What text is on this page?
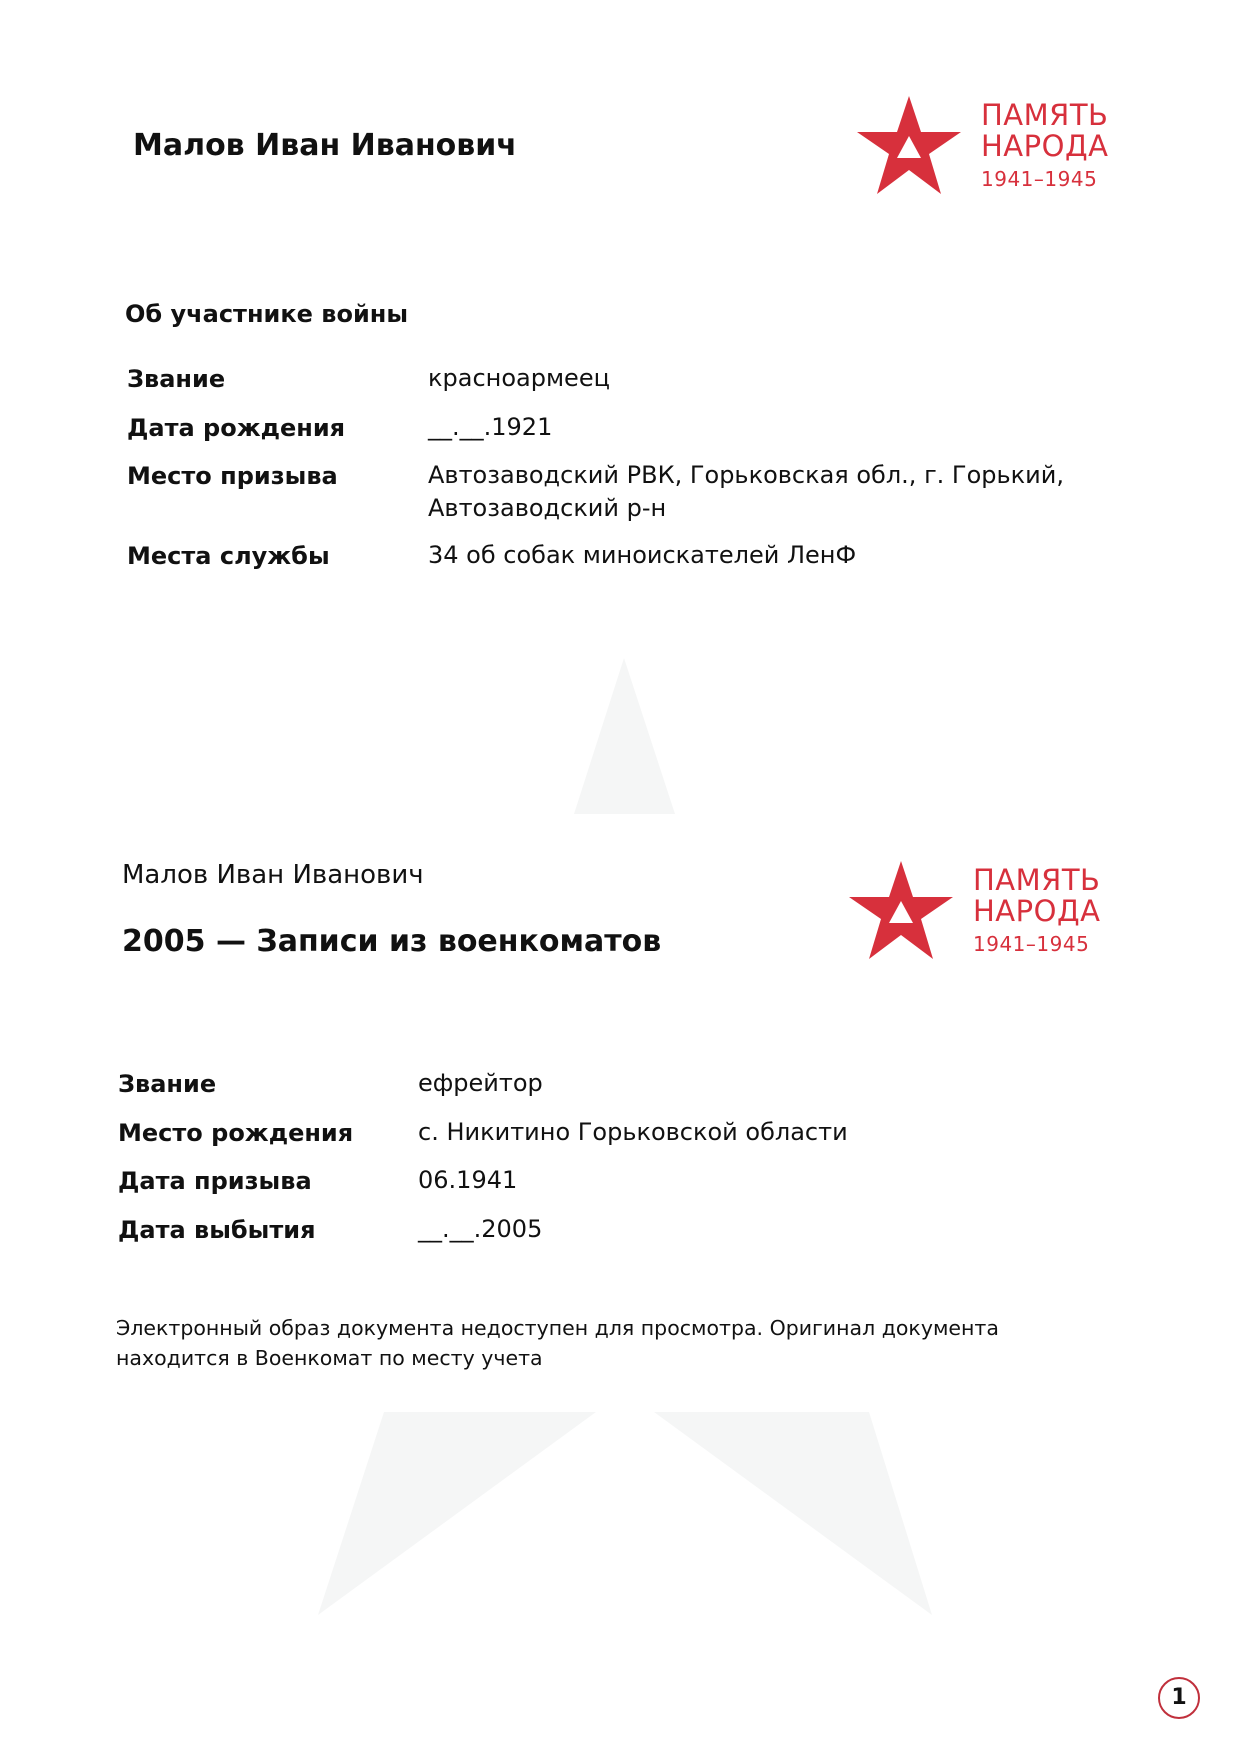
Малов Иван Иванович
ПАМЯТЬ
НАРОДА
1941–1945
Об участнике войны
Звание	красноармеец
Дата рождения	__.__.1921
Место призыва	Автозаводский РВК, Горьковская обл., г. Горький,
Автозаводский р-н
Места службы	34 об собак миноискателей ЛенФ
Малов Иван Иванович
2005 — Записи из военкоматов
ПАМЯТЬ
НАРОДА
1941–1945
Звание	ефрейтор
Место рождения	с. Никитино Горьковской области
Дата призыва	06.1941
Дата выбытия	__.__.2005
Электронный образ документа недоступен для просмотра. Оригинал документа находится в Военкомат по месту учета
1
